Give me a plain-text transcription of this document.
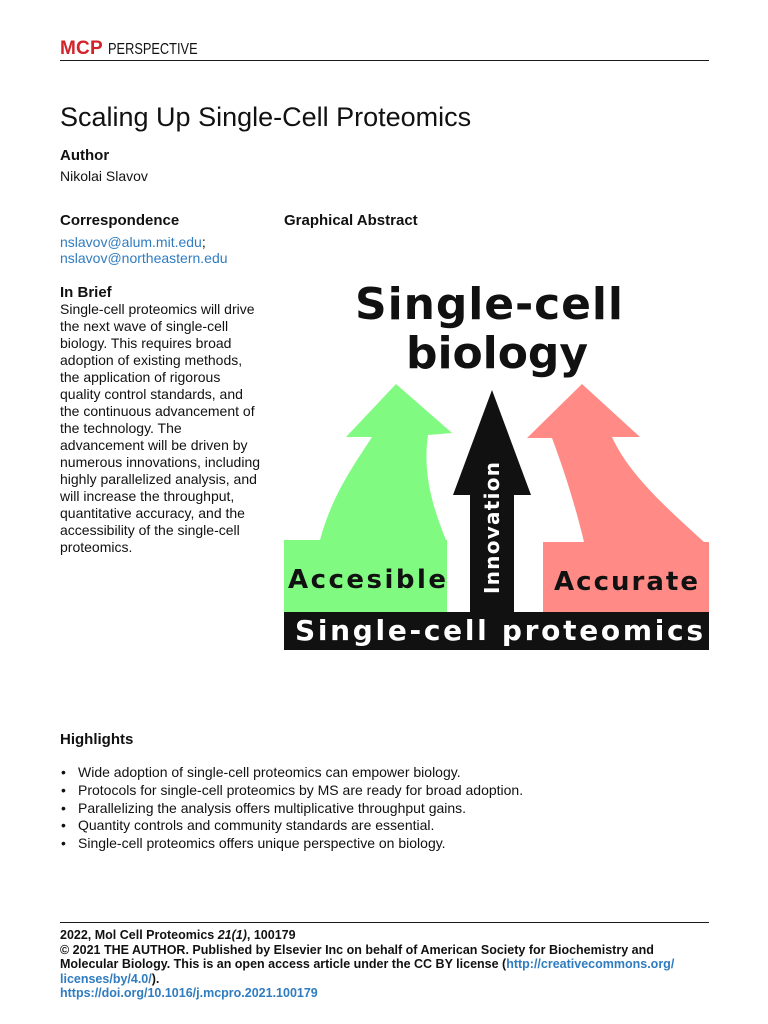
MCP PERSPECTIVE
Scaling Up Single-Cell Proteomics
Author
Nikolai Slavov
Correspondence
nslavov@alum.mit.edu;
nslavov@northeastern.edu
Graphical Abstract
In Brief
Single-cell proteomics will drive
the next wave of single-cell
biology. This requires broad
adoption of existing methods,
the application of rigorous
quality control standards, and
the continuous advancement of
the technology. The
advancement will be driven by
numerous innovations, including
highly parallelized analysis, and
will increase the throughput,
quantitative accuracy, and the
accessibility of the single-cell
proteomics.
Single-cell
biology
Accesible	Accurate
Innovation
Single-cell proteomics
Highlights
• Wide adoption of single-cell proteomics can empower biology.
• Protocols for single-cell proteomics by MS are ready for broad adoption.
• Parallelizing the analysis offers multiplicative throughput gains.
• Quantity controls and community standards are essential.
• Single-cell proteomics offers unique perspective on biology.
2022, Mol Cell Proteomics 21(1), 100179
© 2021 THE AUTHOR. Published by Elsevier Inc on behalf of American Society for Biochemistry and
Molecular Biology. This is an open access article under the CC BY license (http://creativecommons.org/
licenses/by/4.0/).
https://doi.org/10.1016/j.mcpro.2021.100179
